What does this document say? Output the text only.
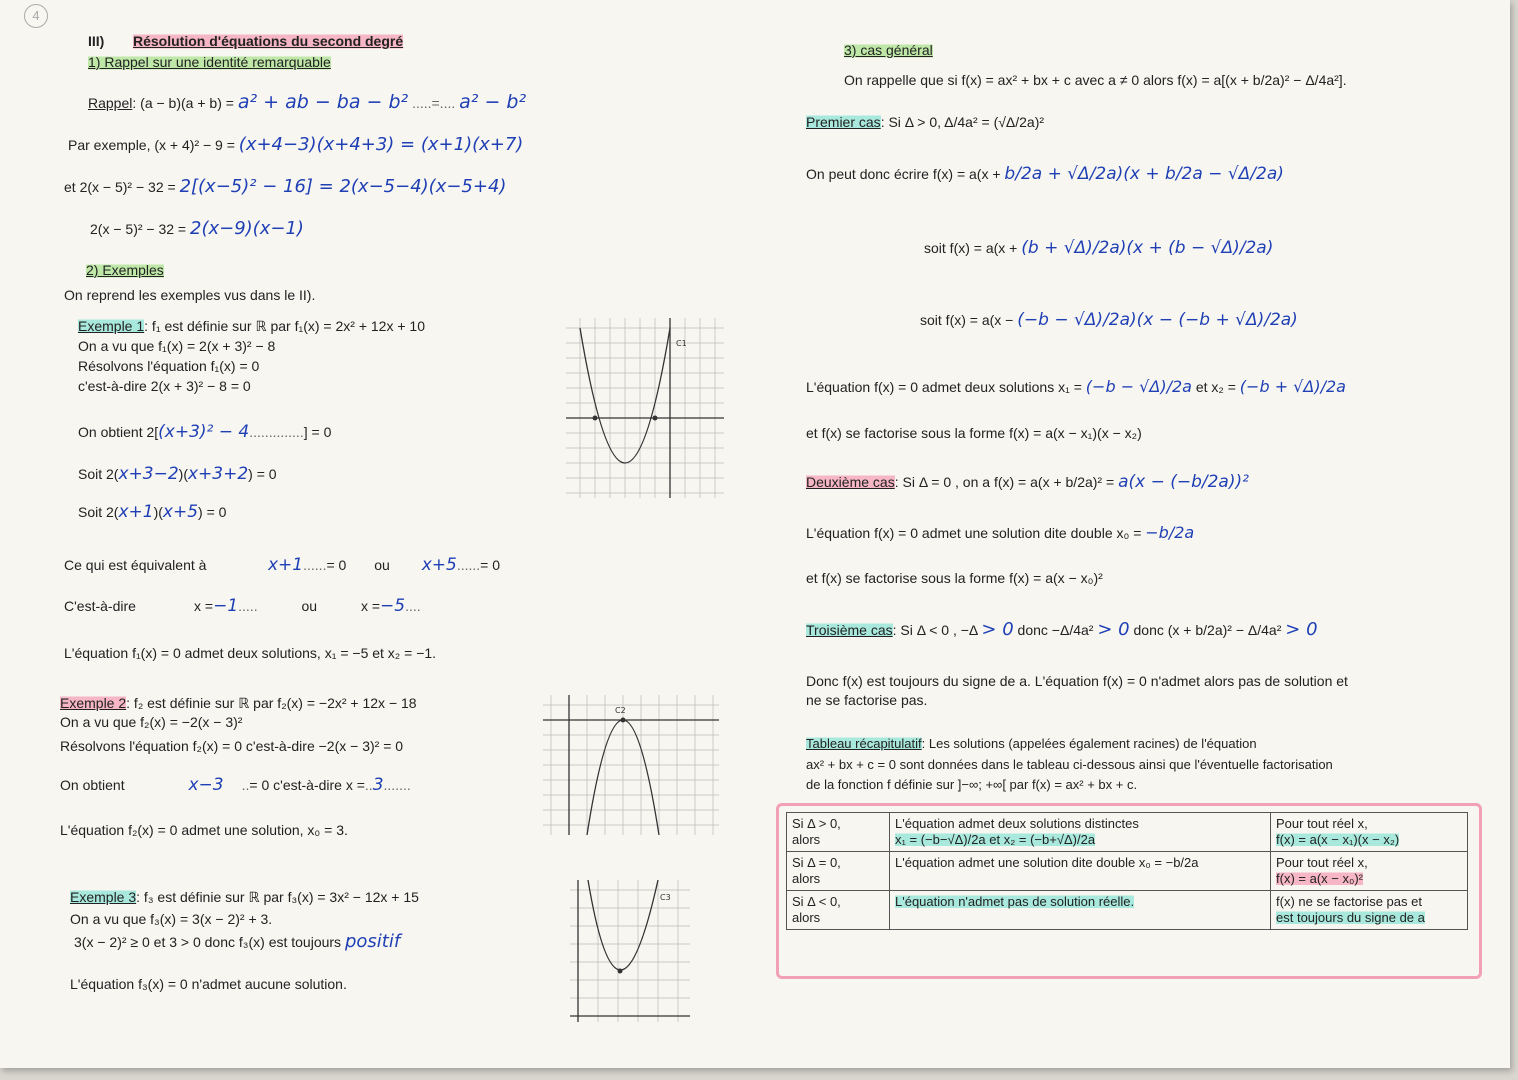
4
III) Résolution d'équations du second degré
1) Rappel sur une identité remarquable
Rappel: (a − b)(a + b) = a² + ab − ba − b² .....=.... a² − b²
Par exemple, (x + 4)² − 9 = (x+4−3)(x+4+3) = (x+1)(x+7)
et 2(x − 5)² − 32 = 2[(x−5)² − 16] = 2(x−5−4)(x−5+4)
2(x − 5)² − 32 = 2(x−9)(x−1)
2) Exemples
On reprend les exemples vus dans le II).
Exemple 1: f₁ est définie sur ℝ par f₁(x) = 2x² + 12x + 10
On a vu que f₁(x) = 2(x + 3)² − 8
Résolvons l'équation f₁(x) = 0
c'est-à-dire 2(x + 3)² − 8 = 0
On obtient 2[(x+3)² − 4..............] = 0
Soit 2(x+3−2)(x+3+2) = 0
Soit 2(x+1)(x+5) = 0
Ce qui est équivalent à	x+1......= 0 ou x+5......= 0
C'est-à-dire	x =−1.....	ou	x =−5....
L'équation f₁(x) = 0 admet deux solutions, x₁ = −5 et x₂ = −1.
Exemple 2: f₂ est définie sur ℝ par f₂(x) = −2x² + 12x − 18
On a vu que f₂(x) = −2(x − 3)²
Résolvons l'équation f₂(x) = 0 c'est-à-dire −2(x − 3)² = 0
On obtient	x−3 ..= 0 c'est-à-dire x =..3.......
L'équation f₂(x) = 0 admet une solution, x₀ = 3.
Exemple 3: f₃ est définie sur ℝ par f₃(x) = 3x² − 12x + 15
On a vu que f₃(x) = 3(x − 2)² + 3.
3(x − 2)² ≥ 0 et 3 > 0 donc f₃(x) est toujours positif
L'équation f₃(x) = 0 n'admet aucune solution.
C1
C2
C3
3) cas général
On rappelle que si f(x) = ax² + bx + c avec a ≠ 0 alors f(x) = a[(x + b/2a)² − Δ/4a²].
Premier cas: Si Δ > 0, Δ/4a² = (√Δ/2a)²
On peut donc écrire f(x) = a(x + b/2a + √Δ/2a)(x + b/2a − √Δ/2a)
soit f(x) = a(x + (b + √Δ)/2a)(x + (b − √Δ)/2a)
soit f(x) = a(x − (−b − √Δ)/2a)(x − (−b + √Δ)/2a)
L'équation f(x) = 0 admet deux solutions x₁ = (−b − √Δ)/2a et x₂ = (−b + √Δ)/2a
et f(x) se factorise sous la forme f(x) = a(x − x₁)(x − x₂)
Deuxième cas: Si Δ = 0 , on a f(x) = a(x + b/2a)² = a(x − (−b/2a))²
L'équation f(x) = 0 admet une solution dite double x₀ = −b/2a
et f(x) se factorise sous la forme f(x) = a(x − x₀)²
Troisième cas: Si Δ < 0 , −Δ > 0 donc −Δ/4a² > 0 donc (x + b/2a)² − Δ/4a² > 0
Donc f(x) est toujours du signe de a. L'équation f(x) = 0 n'admet alors pas de solution et
ne se factorise pas.
Tableau récapitulatif: Les solutions (appelées également racines) de l'équation
ax² + bx + c = 0 sont données dans le tableau ci-dessous ainsi que l'éventuelle factorisation
de la fonction f définie sur ]−∞; +∞[ par f(x) = ax² + bx + c.
Si Δ > 0,
alors	L'équation admet deux solutions distinctes
x₁ = (−b−√Δ)/2a et x₂ = (−b+√Δ)/2a	Pour tout réel x,
f(x) = a(x − x₁)(x − x₂)
Si Δ = 0,
alors	L'équation admet une solution dite double x₀ = −b/2a	Pour tout réel x,
f(x) = a(x − x₀)²
Si Δ < 0,
alors	L'équation n'admet pas de solution réelle.	f(x) ne se factorise pas et
est toujours du signe de a
